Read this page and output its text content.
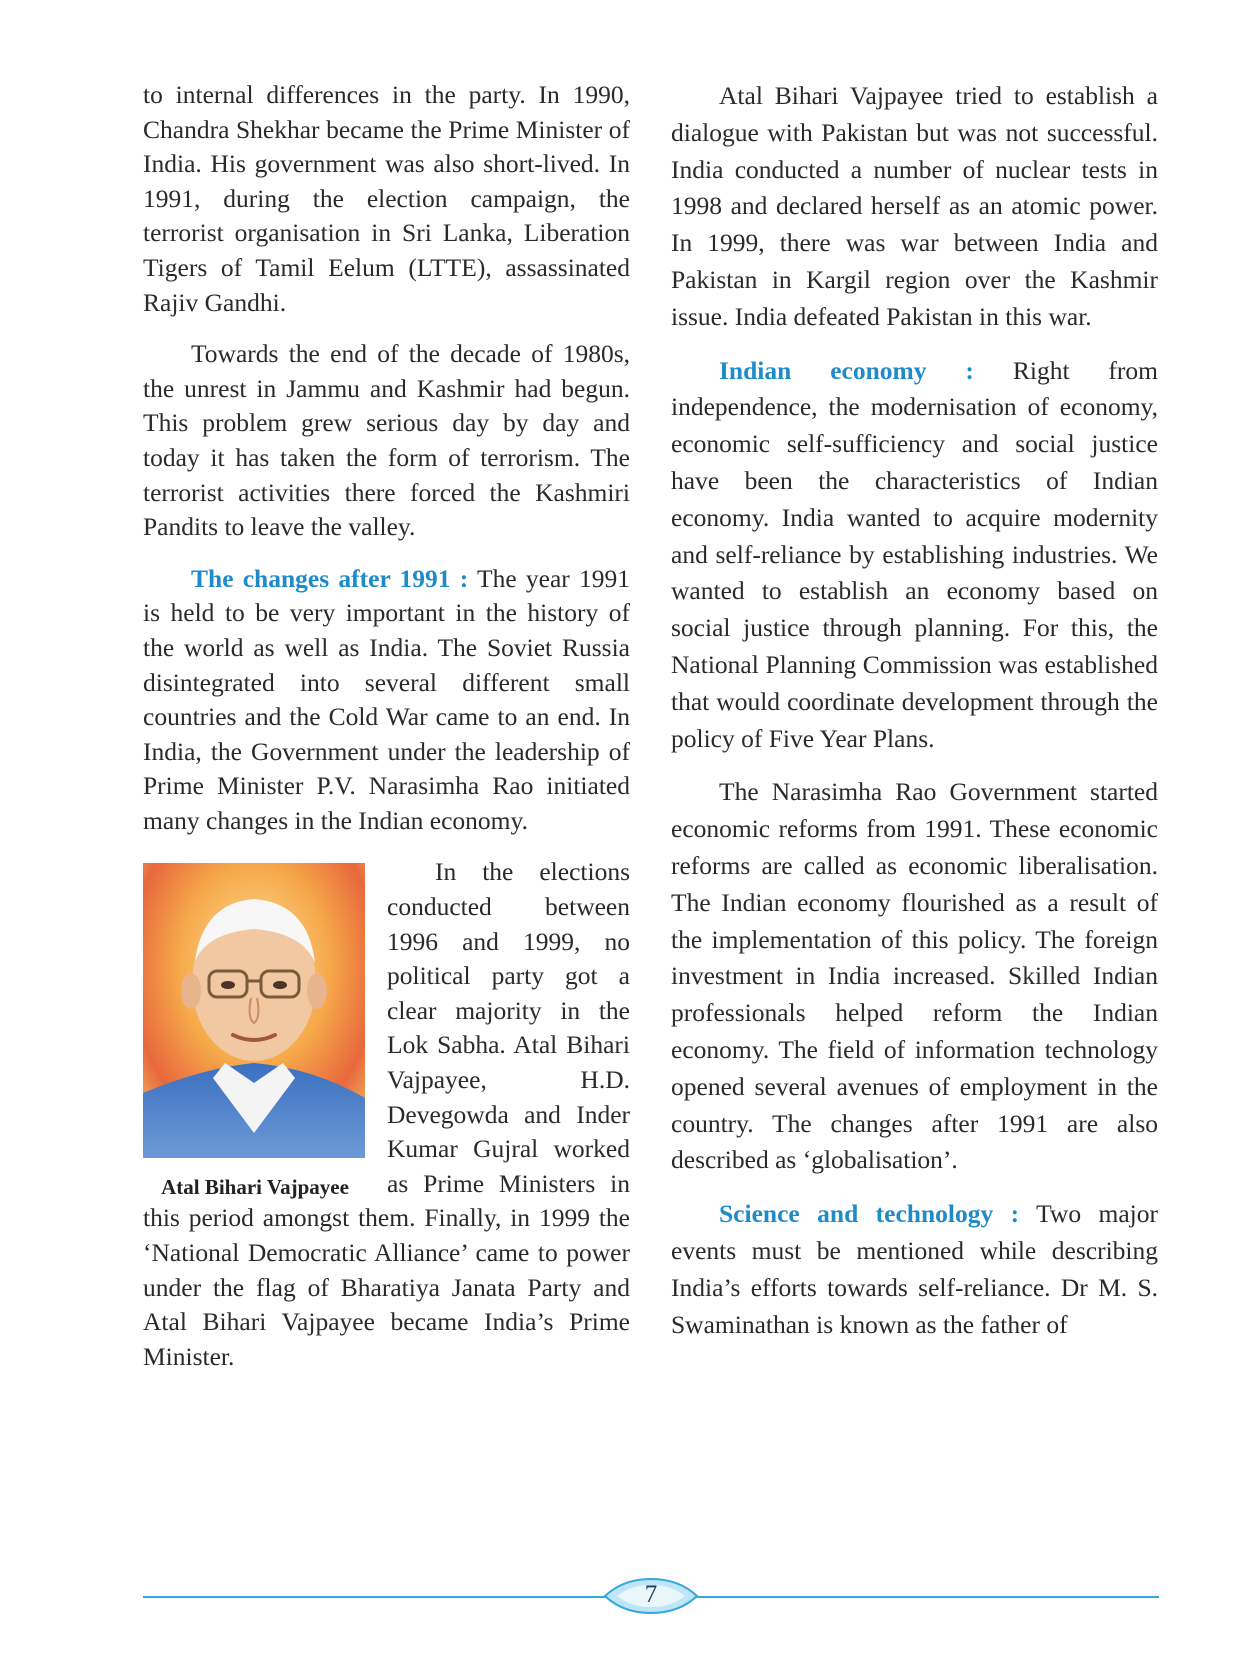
to internal differences in the party. In 1990, Chandra Shekhar became the Prime Minister of India. His government was also short-lived. In 1991, during the election campaign, the terrorist organisation in Sri Lanka, Liberation Tigers of Tamil Eelum (LTTE), assassinated Rajiv Gandhi.

Towards the end of the decade of 1980s, the unrest in Jammu and Kashmir had begun. This problem grew serious day by day and today it has taken the form of terrorism. The terrorist activities there forced the Kashmiri Pandits to leave the valley.

The changes after 1991 : The year 1991 is held to be very important in the history of the world as well as India. The Soviet Russia disintegrated into several different small countries and the Cold War came to an end. In India, the Government under the leadership of Prime Minister P.V. Narasimha Rao initiated many changes in the Indian economy.

Atal Bihari Vajpayee

In the elections conducted between 1996 and 1999, no political party got a clear majority in the Lok Sabha. Atal Bihari Vajpayee, H.D. Devegowda and Inder Kumar Gujral worked as Prime Ministers in this period amongst them. Finally, in 1999 the ‘National Democratic Alliance’ came to power under the flag of Bharatiya Janata Party and Atal Bihari Vajpayee became India’s Prime Minister.

Atal Bihari Vajpayee tried to establish a dialogue with Pakistan but was not successful. India conducted a number of nuclear tests in 1998 and declared herself as an atomic power. In 1999, there was war between India and Pakistan in Kargil region over the Kashmir issue. India defeated Pakistan in this war.

Indian economy : Right from independence, the modernisation of economy, economic self-sufficiency and social justice have been the characteristics of Indian economy. India wanted to acquire modernity and self-reliance by establishing industries. We wanted to establish an economy based on social justice through planning. For this, the National Planning Commission was established that would coordinate development through the policy of Five Year Plans.

The Narasimha Rao Government started economic reforms from 1991. These economic reforms are called as economic liberalisation. The Indian economy flourished as a result of the implementation of this policy. The foreign investment in India increased. Skilled Indian professionals helped reform the Indian economy. The field of information technology opened several avenues of employment in the country. The changes after 1991 are also described as ‘globalisation’.

Science and technology : Two major events must be mentioned while describing India’s efforts towards self-reliance. Dr M. S. Swaminathan is known as the father of

7
